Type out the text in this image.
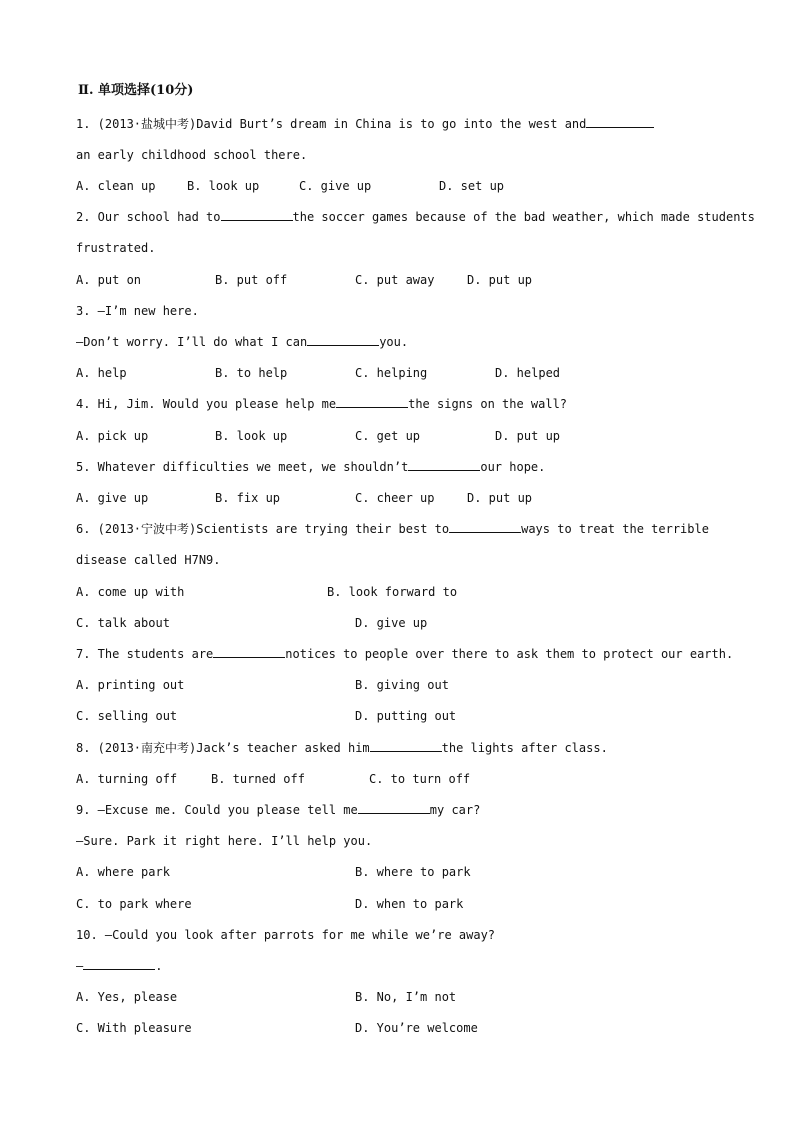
Ⅱ. 单项选择(10分)
1. (2013·盐城中考)David Burt’s dream in China is to go into the west and
an early childhood school there.
A. clean up	B. look up	C. give up	D. set up
2. Our school had to	the soccer games because of the bad weather, which made students
frustrated.
A. put on	B. put off	C. put away	D. put up
3. —I’m new here.
—Don’t worry. I’ll do what I can	you.
A. help	B. to help	C. helping	D. helped
4. Hi, Jim. Would you please help me	the signs on the wall?
A. pick up	B. look up	C. get up	D. put up
5. Whatever difficulties we meet, we shouldn’t	our hope.
A. give up	B. fix up	C. cheer up	D. put up
6. (2013·宁波中考)Scientists are trying their best to	ways to treat the terrible
disease called H7N9.
A. come up with	B. look forward to
C. talk about	D. give up
7. The students are	notices to people over there to ask them to protect our earth.
A. printing out	B. giving out
C. selling out	D. putting out
8. (2013·南充中考)Jack’s teacher asked him	the lights after class.
A. turning off	B. turned off	C. to turn off
9. —Excuse me. Could you please tell me	my car?
—Sure. Park it right here. I’ll help you.
A. where park	B. where to park
C. to park where	D. when to park
10. —Could you look after parrots for me while we’re away?
—	.
A. Yes, please	B. No, I’m not
C. With pleasure	D. You’re welcome
